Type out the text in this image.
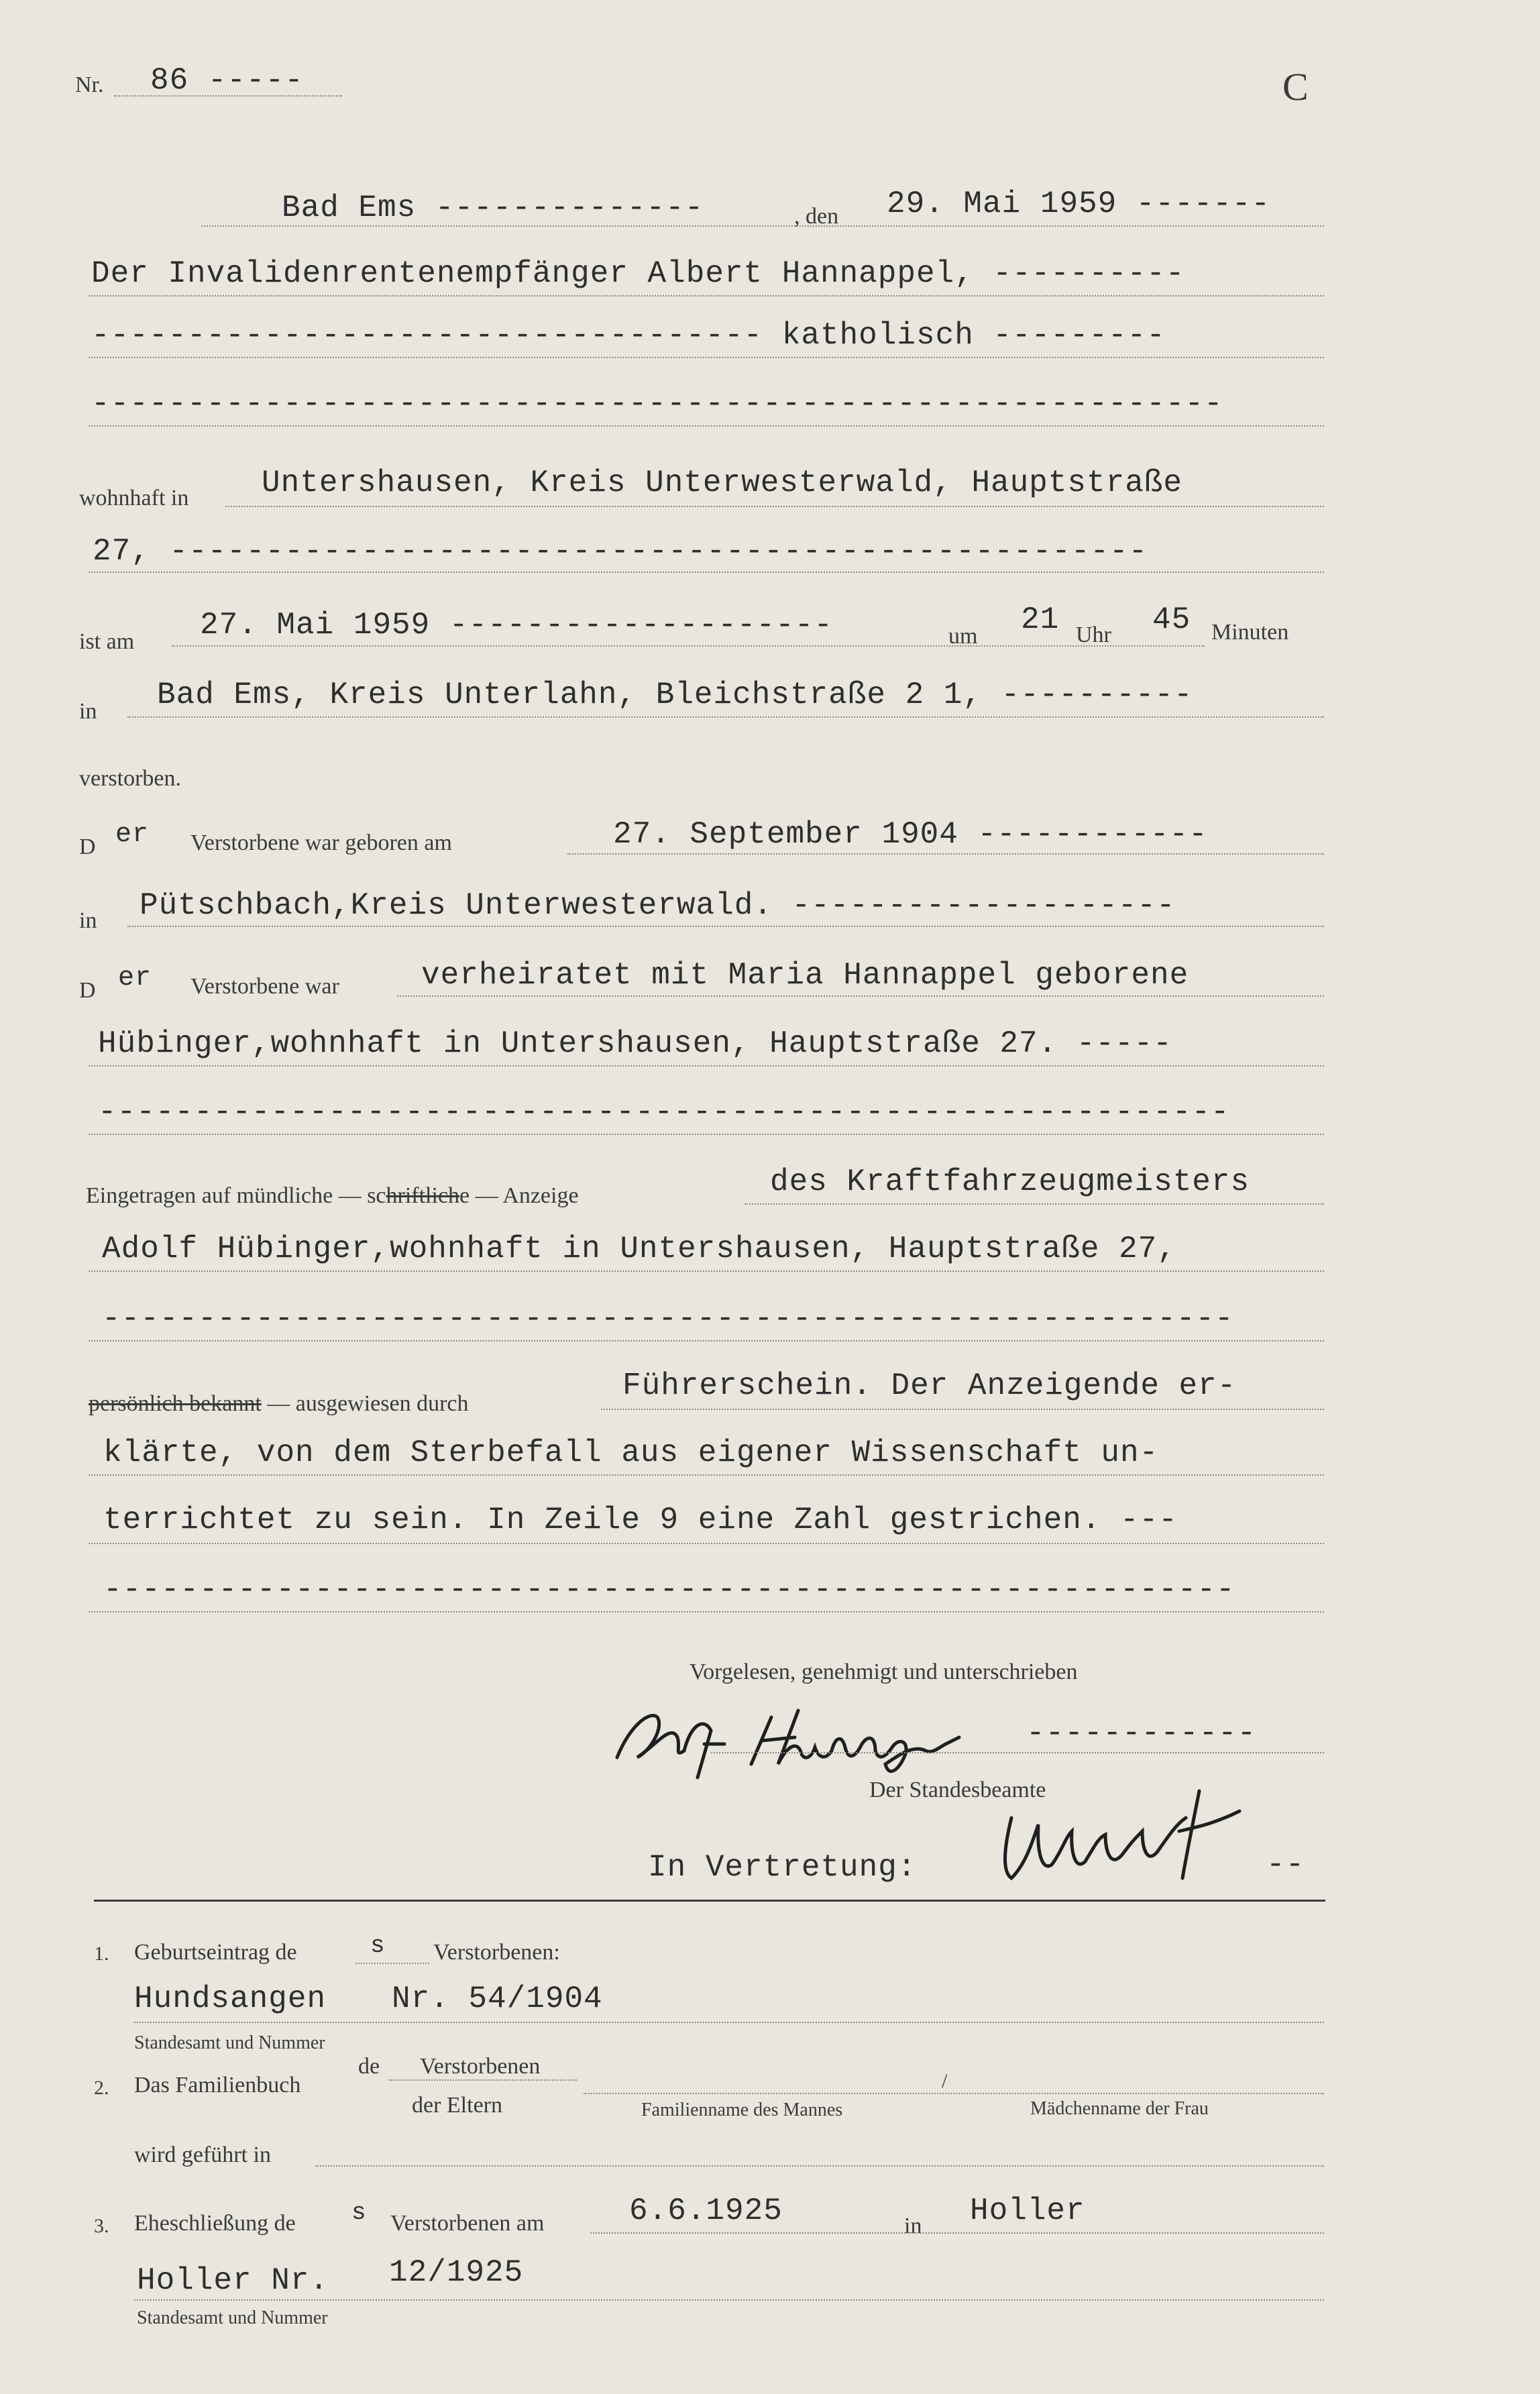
Nr. 86 -----	C
Bad Ems --------------	, den 29. Mai 1959 -------
Der Invalidenrentenempfänger Albert Hannappel, ----------
----------------------------------- katholisch ---------
-----------------------------------------------------------
wohnhaft in Untershausen, Kreis Unterwesterwald, Hauptstraße
27, ---------------------------------------------------
ist am 27. Mai 1959 --------------------	um 21 Uhr 45 Minuten
in Bad Ems, Kreis Unterlahn, Bleichstraße 2 1, ----------
verstorben.
D er Verstorbene war geboren am	27. September 1904 ------------
in Pütschbach,Kreis Unterwesterwald. --------------------
D er Verstorbene war	verheiratet mit Maria Hannappel geborene
Hübinger,wohnhaft in Untershausen, Hauptstraße 27. -----
-----------------------------------------------------------
Eingetragen auf mündliche — schriftliche — Anzeige	des Kraftfahrzeugmeisters
Adolf Hübinger,wohnhaft in Untershausen, Hauptstraße 27,
-----------------------------------------------------------
persönlich bekannt — ausgewiesen durch
Führerschein. Der Anzeigende er-
klärte, von dem Sterbefall aus eigener Wissenschaft un-
terrichtet zu sein. In Zeile 9 eine Zahl gestrichen. ---
-----------------------------------------------------------
Vorgelesen, genehmigt und unterschrieben
------------
Der Standesbeamte
In Vertretung:	--
1. Geburtseintrag de	s Verstorbenen:
Hundsangen Nr. 54/1904
Standesamt und Nummer
2. Das Familienbuch
de Verstorbenen
der Eltern
/
Familienname des Mannes	Mädchenname der Frau
wird geführt in
3. Eheschließung de s Verstorbenen am	6.6.1925	in Holler
Holler Nr. 12/1925
Standesamt und Nummer
